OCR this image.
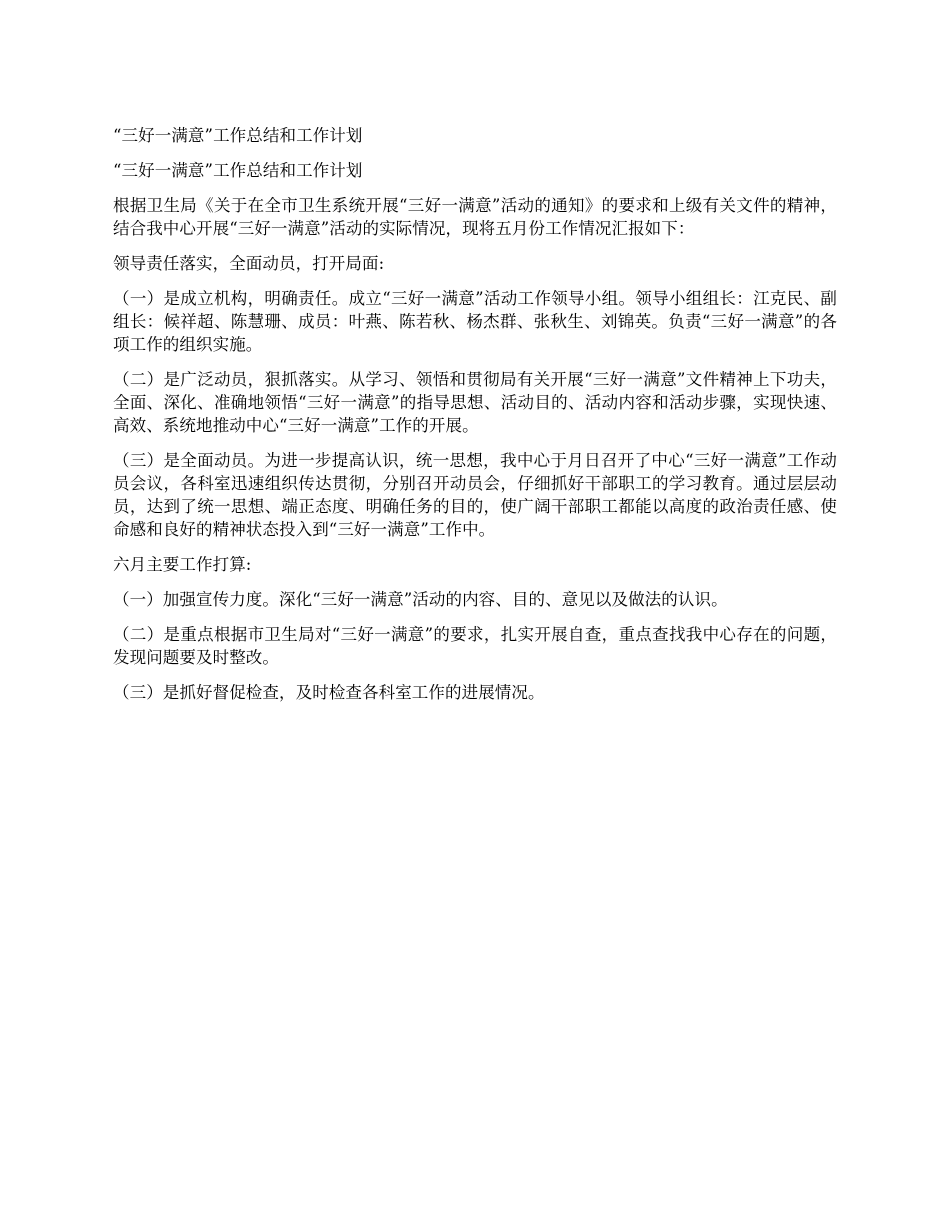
“三好一满意”工作总结和工作计划

“三好一满意”工作总结和工作计划

根据卫生局《关于在全市卫生系统开展“三好一满意”活动的通知》的要求和上级有关文件的精神，结合我中心开展“三好一满意”活动的实际情况，现将五月份工作情况汇报如下：

领导责任落实，全面动员，打开局面:

（一）是成立机构，明确责任。成立“三好一满意”活动工作领导小组。领导小组组长：江克民、副组长：候祥超、陈慧珊、成员：叶燕、陈若秋、杨杰群、张秋生、刘锦英。负责“三好一满意”的各项工作的组织实施。

（二）是广泛动员，狠抓落实。从学习、领悟和贯彻局有关开展“三好一满意”文件精神上下功夫，全面、深化、准确地领悟“三好一满意”的指导思想、活动目的、活动内容和活动步骤，实现快速、高效、系统地推动中心“三好一满意”工作的开展。

（三）是全面动员。为进一步提高认识，统一思想，我中心于月日召开了中心“三好一满意”工作动员会议，各科室迅速组织传达贯彻，分别召开动员会，仔细抓好干部职工的学习教育。通过层层动员，达到了统一思想、端正态度、明确任务的目的，使广阔干部职工都能以高度的政治责任感、使命感和良好的精神状态投入到“三好一满意”工作中。

六月主要工作打算:

（一）加强宣传力度。深化“三好一满意”活动的内容、目的、意见以及做法的认识。

（二）是重点根据市卫生局对“三好一满意”的要求，扎实开展自查，重点查找我中心存在的问题，发现问题要及时整改。

（三）是抓好督促检查，及时检查各科室工作的进展情况。
